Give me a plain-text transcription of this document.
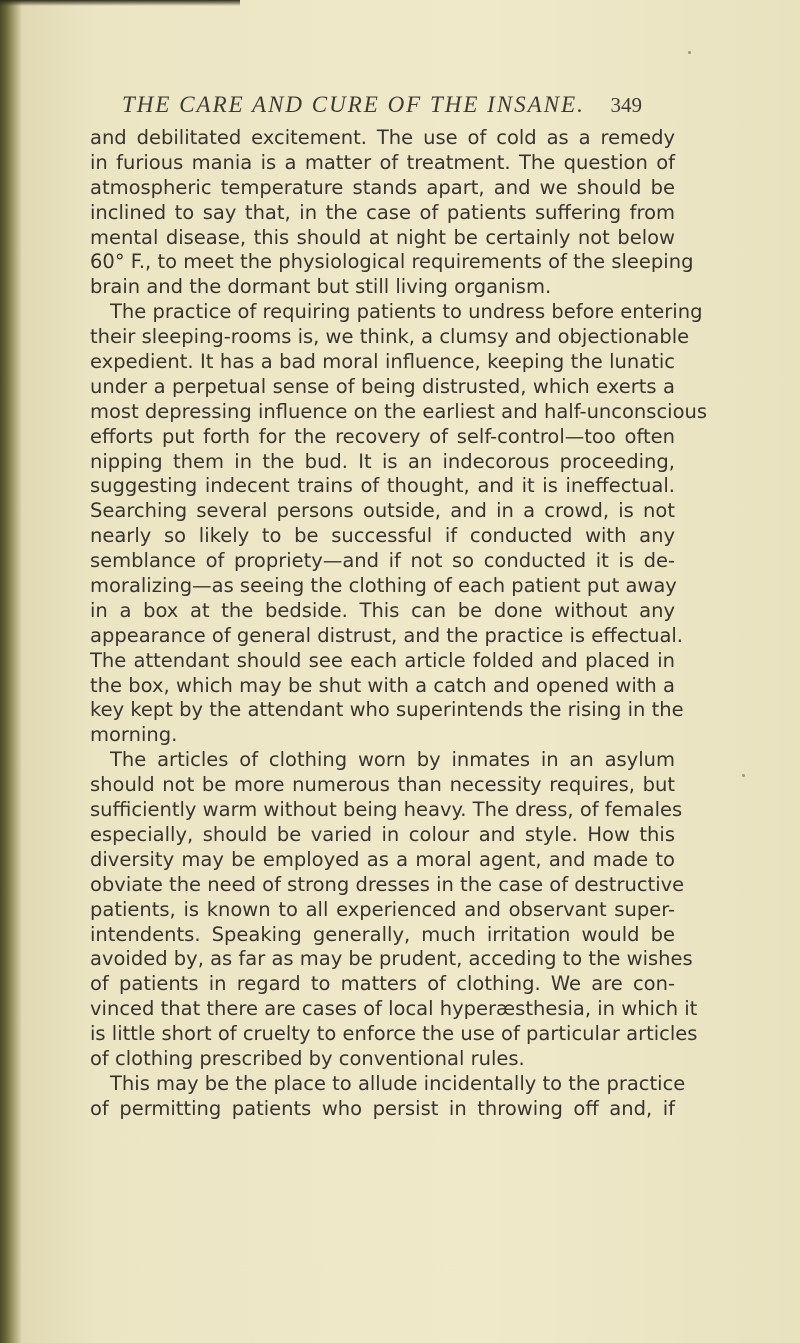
THE CARE AND CURE OF THE INSANE. 349
and debilitated excitement. The use of cold as a remedy
in furious mania is a matter of treatment. The question of
atmospheric temperature stands apart, and we should be
inclined to say that, in the case of patients suffering from
mental disease, this should at night be certainly not below
60° F., to meet the physiological requirements of the sleeping
brain and the dormant but still living organism.
The practice of requiring patients to undress before entering
their sleeping-rooms is, we think, a clumsy and objectionable
expedient. It has a bad moral influence, keeping the lunatic
under a perpetual sense of being distrusted, which exerts a
most depressing influence on the earliest and half-unconscious
efforts put forth for the recovery of self-control—too often
nipping them in the bud. It is an indecorous proceeding,
suggesting indecent trains of thought, and it is ineffectual.
Searching several persons outside, and in a crowd, is not
nearly so likely to be successful if conducted with any
semblance of propriety—and if not so conducted it is de-
moralizing—as seeing the clothing of each patient put away
in a box at the bedside. This can be done without any
appearance of general distrust, and the practice is effectual.
The attendant should see each article folded and placed in
the box, which may be shut with a catch and opened with a
key kept by the attendant who superintends the rising in the
morning.
The articles of clothing worn by inmates in an asylum
should not be more numerous than necessity requires, but
sufficiently warm without being heavy. The dress, of females
especially, should be varied in colour and style. How this
diversity may be employed as a moral agent, and made to
obviate the need of strong dresses in the case of destructive
patients, is known to all experienced and observant super-
intendents. Speaking generally, much irritation would be
avoided by, as far as may be prudent, acceding to the wishes
of patients in regard to matters of clothing. We are con-
vinced that there are cases of local hyperæsthesia, in which it
is little short of cruelty to enforce the use of particular articles
of clothing prescribed by conventional rules.
This may be the place to allude incidentally to the practice
of permitting patients who persist in throwing off and, if
